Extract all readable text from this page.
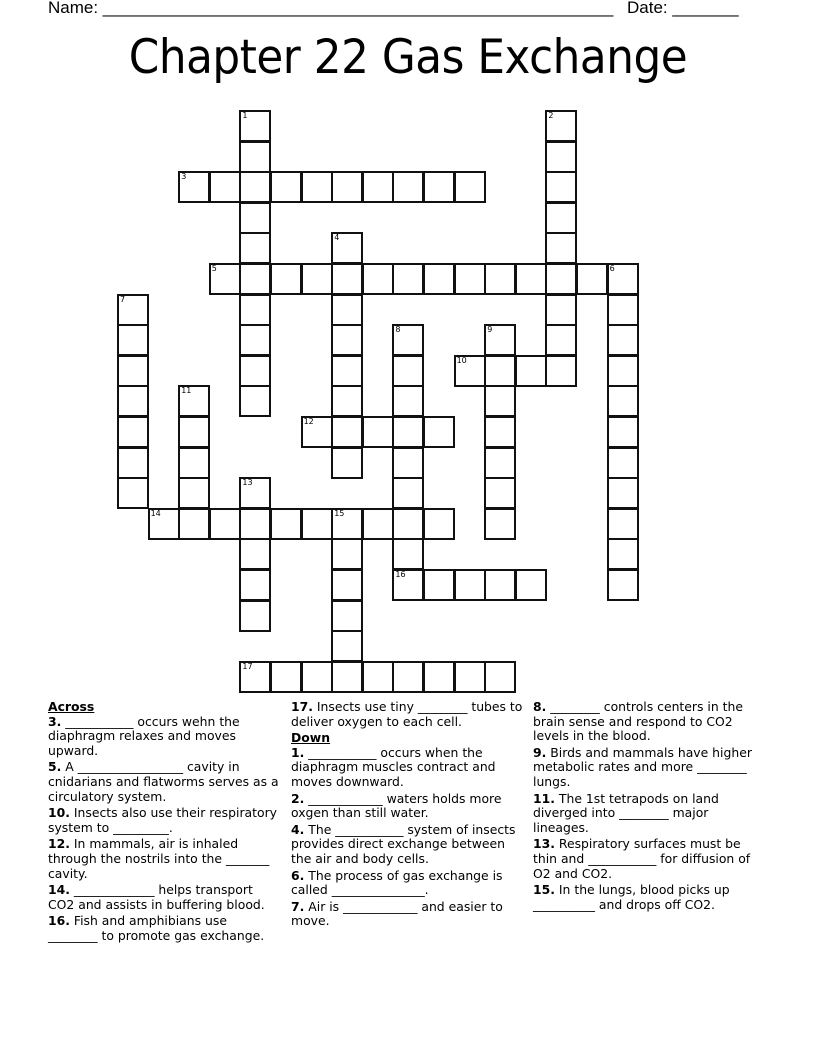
Name: ______________________________________________________ Date: _______
Chapter 22 Gas Exchange
1	2
3
4
5	6
7
8
16
9
10
11
12
13
14	15
17
Across
3. ___________ occurs wehn the diaphragm relaxes and moves upward.
5. A _________________ cavity in cnidarians and flatworms serves as a circulatory system.
10. Insects also use their respiratory system to _________.
12. In mammals, air is inhaled through the nostrils into the _______ cavity.
14. _____________ helps transport CO2 and assists in buffering blood.
16. Fish and amphibians use ________ to promote gas exchange.
17. Insects use tiny ________ tubes to deliver oxygen to each cell.
Down
1. ___________ occurs when the diaphragm muscles contract and moves downward.
2. ____________ waters holds more oxgen than still water.
4. The ___________ system of insects provides direct exchange between the air and body cells.
6. The process of gas exchange is called _______________.
7. Air is ____________ and easier to move.
8. ________ controls centers in the brain sense and respond to CO2 levels in the blood.
9. Birds and mammals have higher metabolic rates and more ________ lungs.
11. The 1st tetrapods on land diverged into ________ major lineages.
13. Respiratory surfaces must be thin and ___________ for diffusion of O2 and CO2.
15. In the lungs, blood picks up __________ and drops off CO2.
